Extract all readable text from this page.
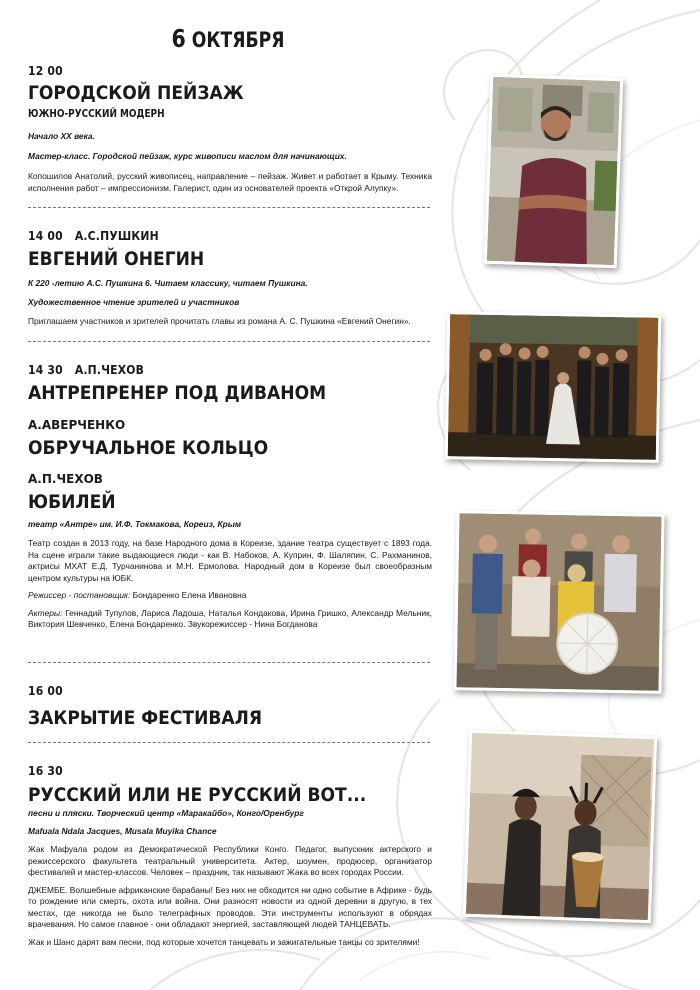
6 ОКТЯБРЯ
12 00
ГОРОДСКОЙ ПЕЙЗАЖ
ЮЖНО-РУССКИЙ МОДЕРН
Начало XX века.
Мастер-класс. Городской пейзаж, курс живописи маслом для начинающих.
Копошилов Анатолий, русский живописец, направление – пейзаж. Живет и работает в Крыму. Техника исполнения работ – импрессионизм. Галерист, один из основателей проекта «Открой Алупку».
14 00 А.С.ПУШКИН
ЕВГЕНИЙ ОНЕГИН
К 220 -летию А.С. Пушкина 6. Читаем классику, читаем Пушкина.
Художественное чтение зрителей и участников
Приглашаем участников и зрителей прочитать главы из романа А. С. Пушкина «Евгений Онегин».
14 30 А.П.ЧЕХОВ
АНТРЕПРЕНЕР ПОД ДИВАНОМ
А.АВЕРЧЕНКО
ОБРУЧАЛЬНОЕ КОЛЬЦО
А.П.ЧЕХОВ
ЮБИЛЕЙ
театр «Антре» им. И.Ф. Токмакова, Кореиз, Крым
Театр создан в 2013 году, на базе Народного дома в Кореизе, здание театра существует с 1893 года. На сцене играли такие выдающиеся люди - как В. Набоков, А. Куприн, Ф. Шаляпин, С. Рахманинов, актрисы МХАТ Е.Д. Турчанинова и М.Н. Ермолова. Народный дом в Кореизе был своеобразным центром культуры на ЮБК.
Режиссер - постановщик: Бондаренко Елена Ивановна
Актеры: Геннадий Тупулов, Лариса Ладоша, Наталья Кондакова, Ирина Гришко, Александр Мельник, Виктория Шевченко, Елена Бондаренко. Звукорежиссер - Нина Богданова
16 00
ЗАКРЫТИЕ ФЕСТИВАЛЯ
16 30
РУССКИЙ ИЛИ НЕ РУССКИЙ ВОТ...
песни и пляски. Творческий центр «Маракайбо», Конго/Оренбург
Mafuala Ndala Jacques, Musala Muyika Chance
Жак Мафуала родом из Демократической Республики Конго. Педагог, выпускник актерского и режиссерского факультета театральный университета. Актер, шоумен, продюсер, организатор фестивалей и мастер-классов. Человек – праздник, так называют Жака во всех городах России.
ДЖЕМБЕ. Волшебные африканские барабаны! Без них не обходится ни одно событие в Африке - будь то рождение или смерть, охота или война. Они разносят новости из одной деревни в другую, в тех местах, где никогда не было телеграфных проводов. Эти инструменты используют в обрядах врачевания. Но самое главное - они обладают энергией, заставляющей людей ТАНЦЕВАТЬ.
Жак и Шанс дарят вам песни, под которые хочется танцевать и зажигательные танцы со зрителями!
